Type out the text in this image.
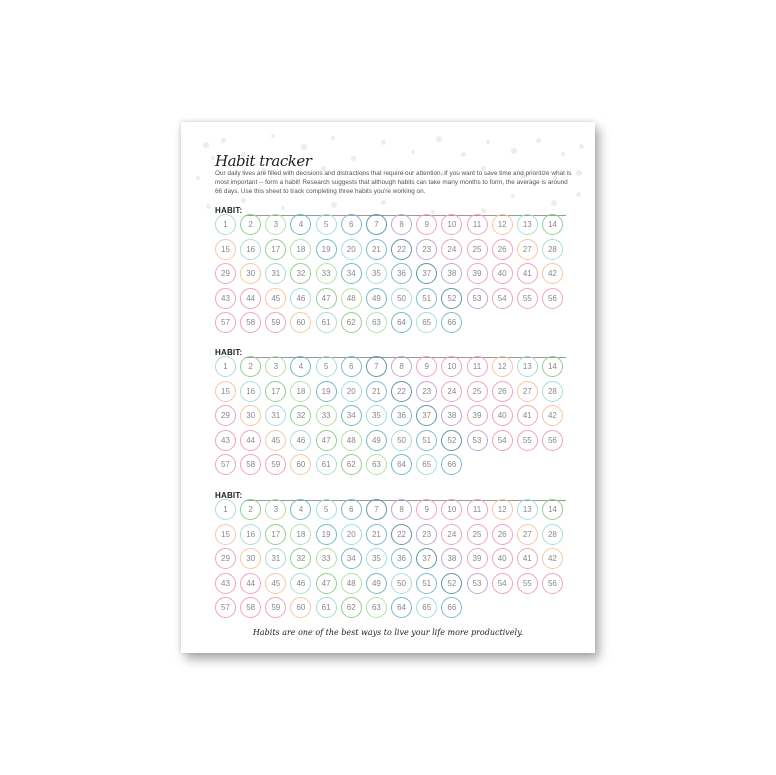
Habit tracker
Our daily lives are filled with decisions and distractions that require our attention. If you want to save time and prioritize what is most important -- form a habit! Research suggests that although habits can take many months to form, the average is around 66 days. Use this sheet to track completing three habits you're working on.
HABIT:
1	2	3	4	5	6	7	8	9	10	11	12	13	14
15	16	17	18	19	20	21	22	23	24	25	26	27	28
29	30	31	32	33	34	35	36	37	38	39	40	41	42
43	44	45	46	47	48	49	50	51	52	53	54	55	56
57	58	59	60	61	62	63	64	65	66
HABIT:
1	2	3	4	5	6	7	8	9	10	11	12	13	14
15	16	17	18	19	20	21	22	23	24	25	26	27	28
29	30	31	32	33	34	35	36	37	38	39	40	41	42
43	44	45	46	47	48	49	50	51	52	53	54	55	56
57	58	59	60	61	62	63	64	65	66
HABIT:
1	2	3	4	5	6	7	8	9	10	11	12	13	14
15	16	17	18	19	20	21	22	23	24	25	26	27	28
29	30	31	32	33	34	35	36	37	38	39	40	41	42
43	44	45	46	47	48	49	50	51	52	53	54	55	56
57	58	59	60	61	62	63	64	65	66
Habits are one of the best ways to live your life more productively.
